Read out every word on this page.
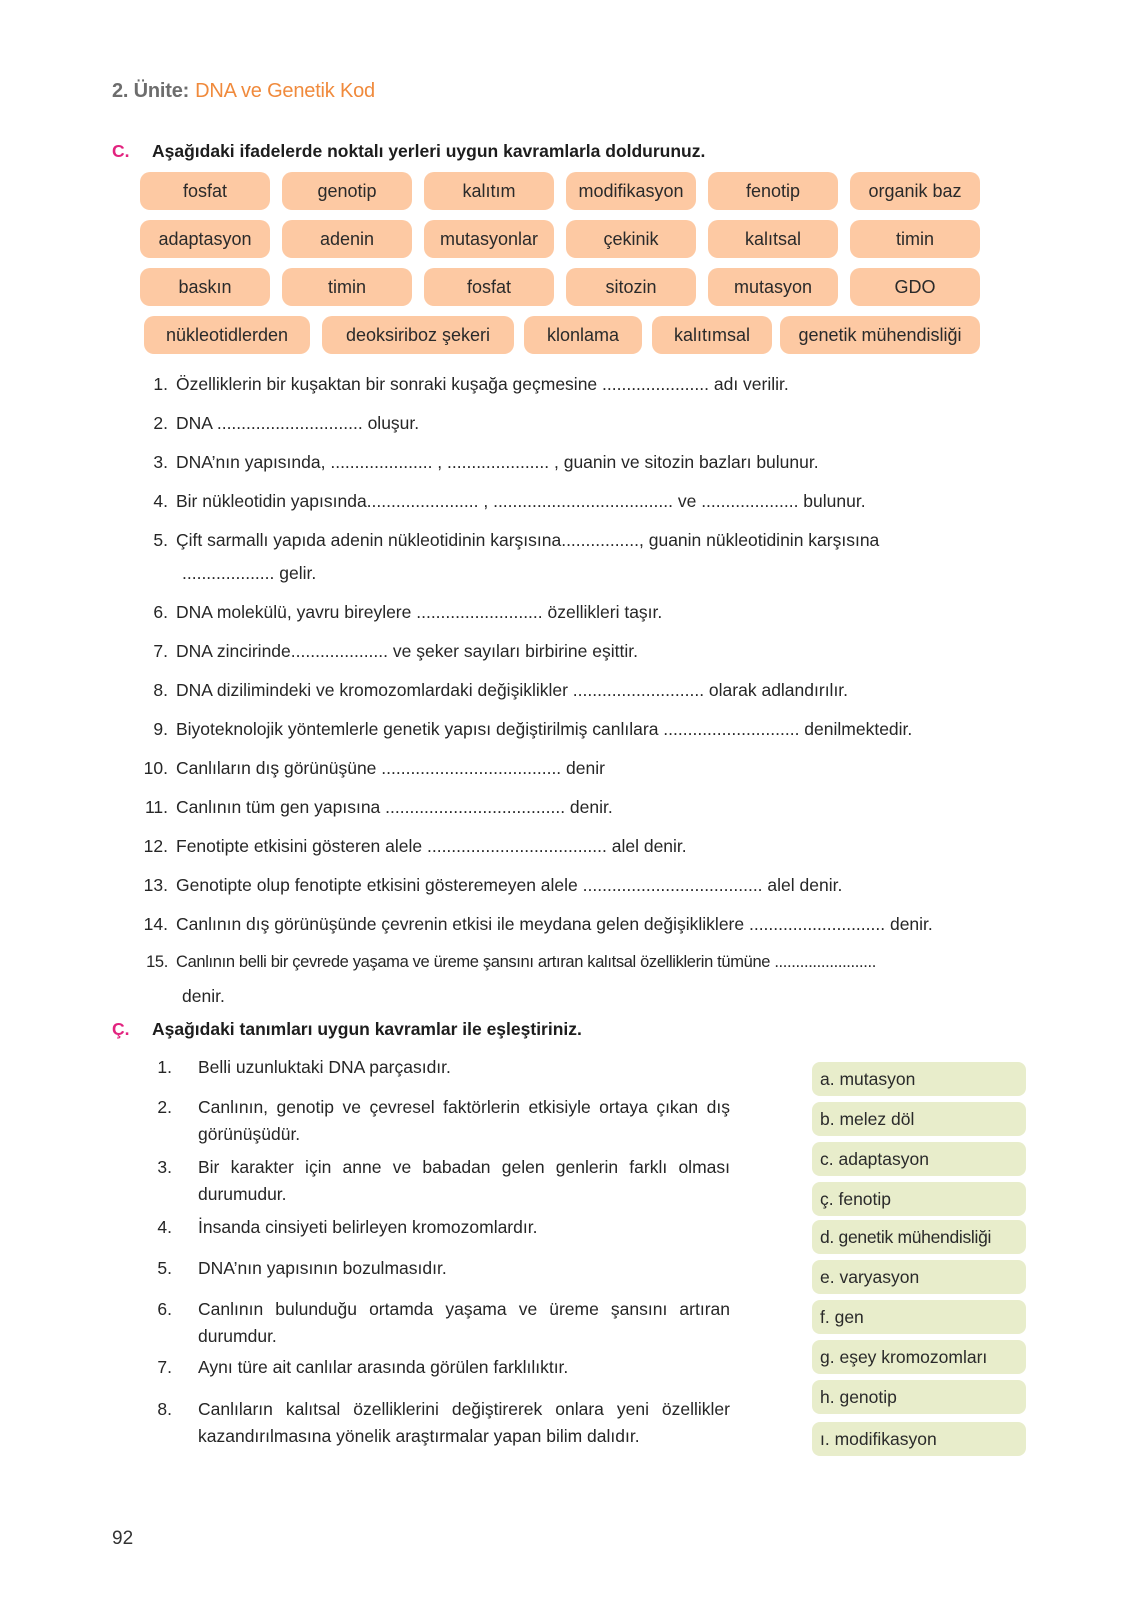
2. Ünite: DNA ve Genetik Kod
C. Aşağıdaki ifadelerde noktalı yerleri uygun kavramlarla doldurunuz.
fosfat	genotip	kalıtım	modifikasyon	fenotip	organik baz
adaptasyon	adenin	mutasyonlar	çekinik	kalıtsal	timin
baskın	timin	fosfat	sitozin	mutasyon	GDO
nükleotidlerden	deoksiriboz şekeri	klonlama	kalıtımsal	genetik mühendisliği
1. Özelliklerin bir kuşaktan bir sonraki kuşağa geçmesine ...................... adı verilir.
2. DNA .............................. oluşur.
3. DNA’nın yapısında, ..................... , ..................... , guanin ve sitozin bazları bulunur.
4. Bir nükleotidin yapısında....................... , ..................................... ve .................... bulunur.
5. Çift sarmallı yapıda adenin nükleotidinin karşısına................, guanin nükleotidinin karşısına
................... gelir.
6. DNA molekülü, yavru bireylere .......................... özellikleri taşır.
7. DNA zincirinde.................... ve şeker sayıları birbirine eşittir.
8. DNA dizilimindeki ve kromozomlardaki değişiklikler ........................... olarak adlandırılır.
9. Biyoteknolojik yöntemlerle genetik yapısı değiştirilmiş canlılara ............................ denilmektedir.
10. Canlıların dış görünüşüne ..................................... denir
11. Canlının tüm gen yapısına ..................................... denir.
12. Fenotipte etkisini gösteren alele ..................................... alel denir.
13. Genotipte olup fenotipte etkisini gösteremeyen alele ..................................... alel denir.
14. Canlının dış görünüşünde çevrenin etkisi ile meydana gelen değişikliklere ............................ denir.
15. Canlının belli bir çevrede yaşama ve üreme şansını artıran kalıtsal özelliklerin tümüne ........................
denir.
Ç. Aşağıdaki tanımları uygun kavramlar ile eşleştiriniz.
1. Belli uzunluktaki DNA parçasıdır.
2. Canlının, genotip ve çevresel faktörlerin etkisiyle ortaya çıkan dış görünüşüdür.
3. Bir karakter için anne ve babadan gelen genlerin farklı olması durumudur.
4. İnsanda cinsiyeti belirleyen kromozomlardır.
5. DNA’nın yapısının bozulmasıdır.
6. Canlının bulunduğu ortamda yaşama ve üreme şansını artıran durumdur.
7. Aynı türe ait canlılar arasında görülen farklılıktır.
8. Canlıların kalıtsal özelliklerini değiştirerek onlara yeni özellikler kazandırılmasına yönelik araştırmalar yapan bilim dalıdır.
a. mutasyon
b. melez döl
c. adaptasyon
ç. fenotip
d. genetik mühendisliği
e. varyasyon
f. gen
g. eşey kromozomları
h. genotip
ı. modifikasyon
92
